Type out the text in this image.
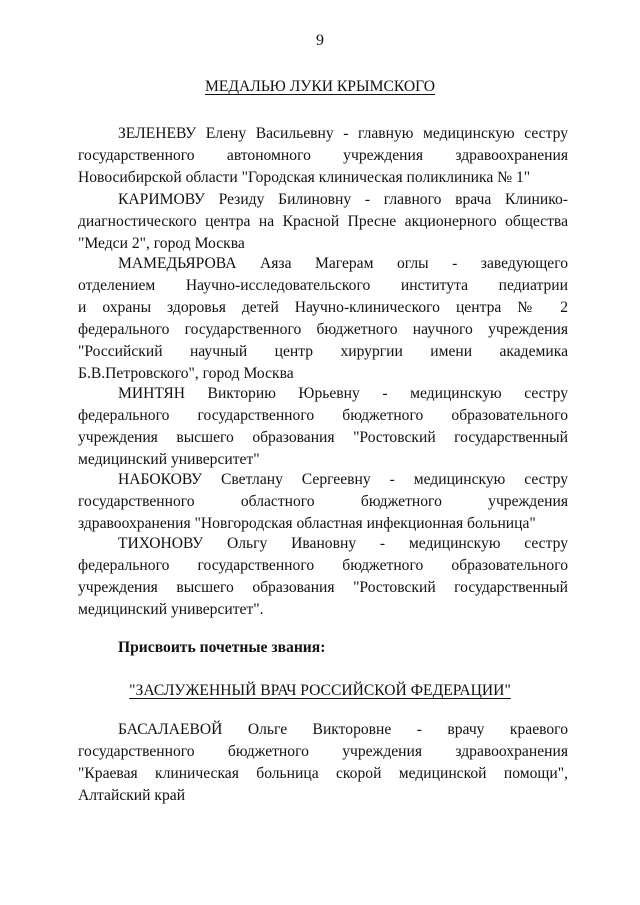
9
МЕДАЛЬЮ ЛУКИ КРЫМСКОГО
ЗЕЛЕНЕВУ Елену Васильевну - главную медицинскую сестру
государственного автономного учреждения здравоохранения
Новосибирской области "Городская клиническая поликлиника № 1"
КАРИМОВУ Резиду Билиновну - главного врача Клинико-
диагностического центра на Красной Пресне акционерного общества
"Медси 2", город Москва
МАМЕДЬЯРОВА Аяза Магерам оглы - заведующего
отделением Научно-исследовательского института педиатрии
и охраны здоровья детей Научно-клинического центра № 2
федерального государственного бюджетного научного учреждения
"Российский научный центр хирургии имени академика
Б.В.Петровского", город Москва
МИНТЯН Викторию Юрьевну - медицинскую сестру
федерального государственного бюджетного образовательного
учреждения высшего образования "Ростовский государственный
медицинский университет"
НАБОКОВУ Светлану Сергеевну - медицинскую сестру
государственного областного бюджетного учреждения
здравоохранения "Новгородская областная инфекционная больница"
ТИХОНОВУ Ольгу Ивановну - медицинскую сестру
федерального государственного бюджетного образовательного
учреждения высшего образования "Ростовский государственный
медицинский университет".
Присвоить почетные звания:
"ЗАСЛУЖЕННЫЙ ВРАЧ РОССИЙСКОЙ ФЕДЕРАЦИИ"
БАСАЛАЕВОЙ Ольге Викторовне - врачу краевого
государственного бюджетного учреждения здравоохранения
"Краевая клиническая больница скорой медицинской помощи",
Алтайский край
